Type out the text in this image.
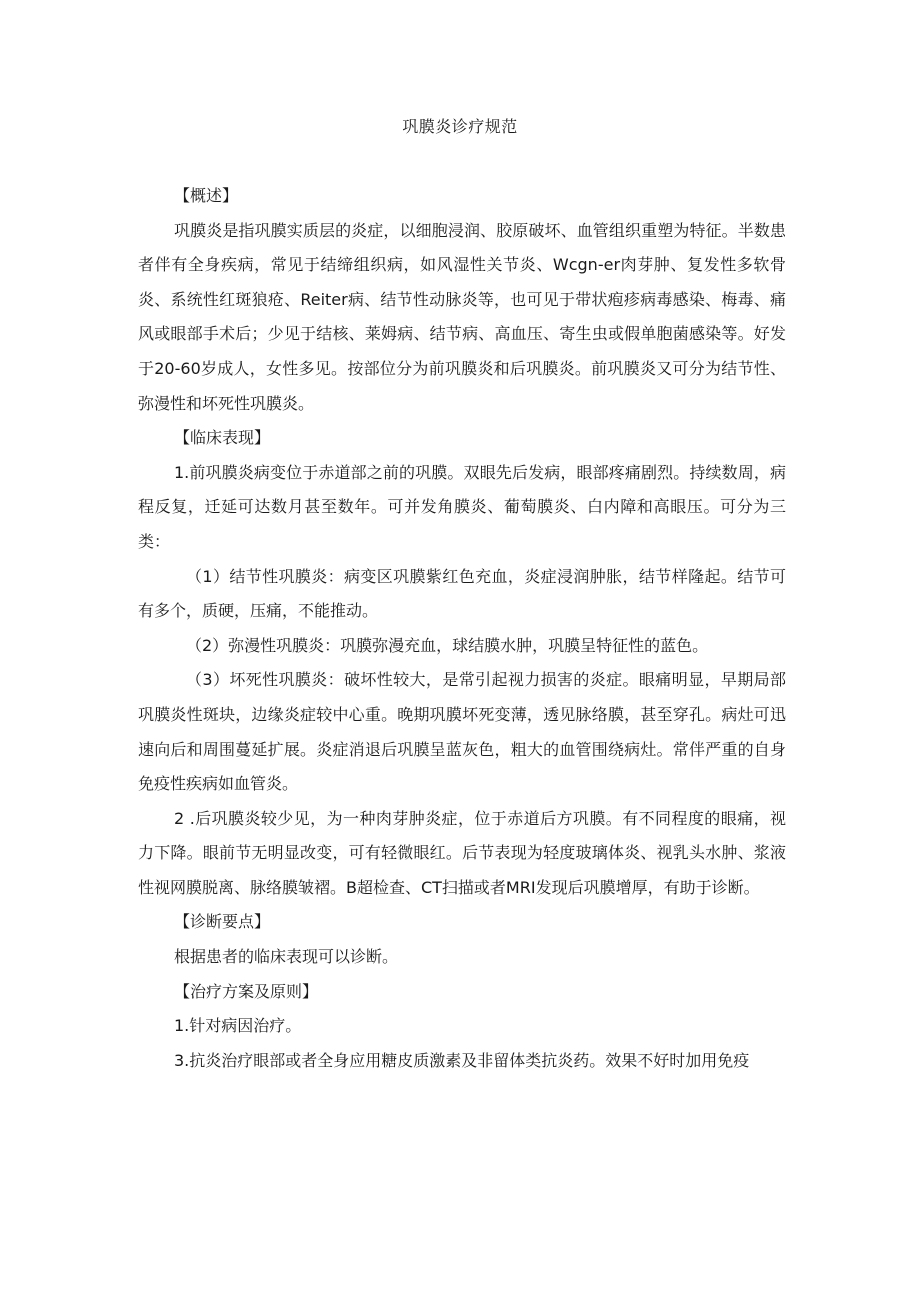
巩膜炎诊疗规范

【概述】

巩膜炎是指巩膜实质层的炎症，以细胞浸润、胶原破坏、血管组织重塑为特征。半数患者伴有全身疾病，常见于结缔组织病，如风湿性关节炎、Wcgn-er肉芽肿、复发性多软骨炎、系统性红斑狼疮、Reiter病、结节性动脉炎等，也可见于带状疱疹病毒感染、梅毒、痛风或眼部手术后；少见于结核、莱姆病、结节病、高血压、寄生虫或假单胞菌感染等。好发于20-60岁成人，女性多见。按部位分为前巩膜炎和后巩膜炎。前巩膜炎又可分为结节性、弥漫性和坏死性巩膜炎。

【临床表现】

1.前巩膜炎病变位于赤道部之前的巩膜。双眼先后发病，眼部疼痛剧烈。持续数周，病程反复，迁延可达数月甚至数年。可并发角膜炎、葡萄膜炎、白内障和高眼压。可分为三类：

（1）结节性巩膜炎：病变区巩膜紫红色充血，炎症浸润肿胀，结节样隆起。结节可有多个，质硬，压痛，不能推动。

（2）弥漫性巩膜炎：巩膜弥漫充血，球结膜水肿，巩膜呈特征性的蓝色。

（3）坏死性巩膜炎：破坏性较大，是常引起视力损害的炎症。眼痛明显，早期局部巩膜炎性斑块，边缘炎症较中心重。晚期巩膜坏死变薄，透见脉络膜，甚至穿孔。病灶可迅速向后和周围蔓延扩展。炎症消退后巩膜呈蓝灰色，粗大的血管围绕病灶。常伴严重的自身免疫性疾病如血管炎。

2 .后巩膜炎较少见，为一种肉芽肿炎症，位于赤道后方巩膜。有不同程度的眼痛，视力下降。眼前节无明显改变，可有轻微眼红。后节表现为轻度玻璃体炎、视乳头水肿、浆液性视网膜脱离、脉络膜皱褶。B超检查、CT扫描或者MRI发现后巩膜增厚，有助于诊断。

【诊断要点】

根据患者的临床表现可以诊断。

【治疗方案及原则】

1.针对病因治疗。

3.抗炎治疗眼部或者全身应用糖皮质激素及非留体类抗炎药。效果不好时加用免疫
